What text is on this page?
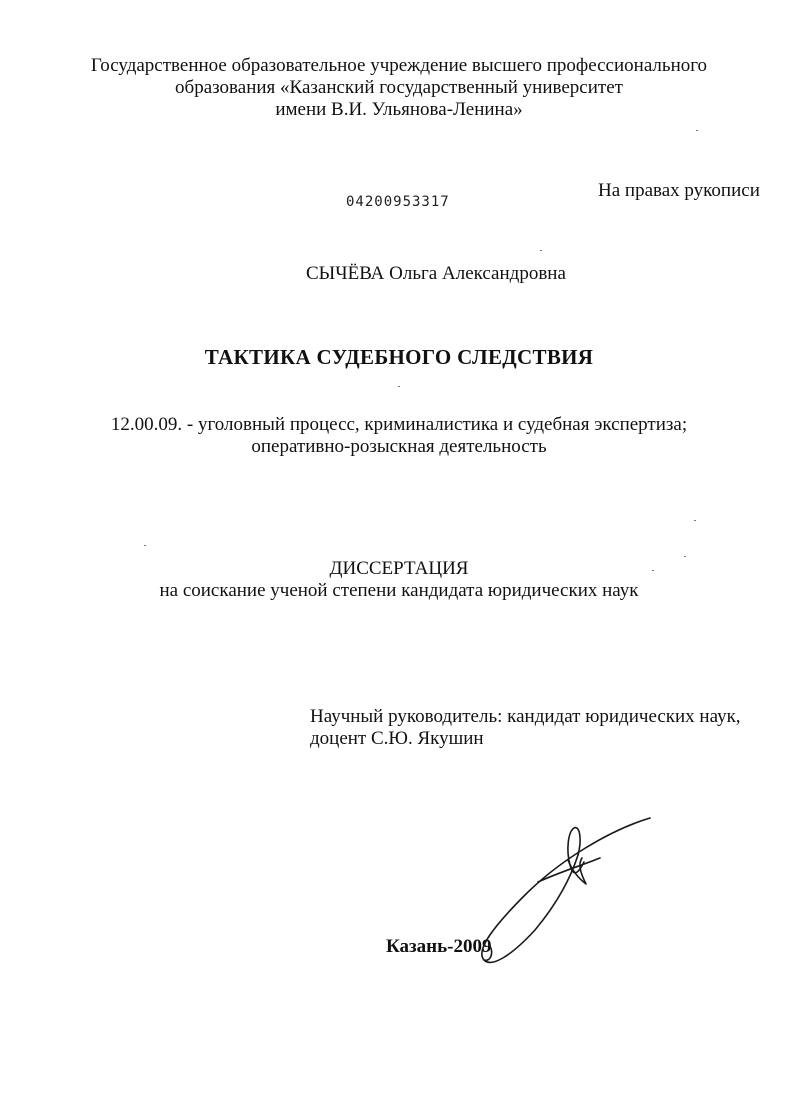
Государственное образовательное учреждение высшего профессионального
образования «Казанский государственный университет
имени В.И. Ульянова-Ленина»
04200953317
На правах рукописи
СЫЧЁВА Ольга Александровна
ТАКТИКА СУДЕБНОГО СЛЕДСТВИЯ
12.00.09. - уголовный процесс, криминалистика и судебная экспертиза;
оперативно-розыскная деятельность
ДИССЕРТАЦИЯ
на соискание ученой степени кандидата юридических наук
Научный руководитель: кандидат юридических наук,
доцент С.Ю. Якушин
Казань-2009
